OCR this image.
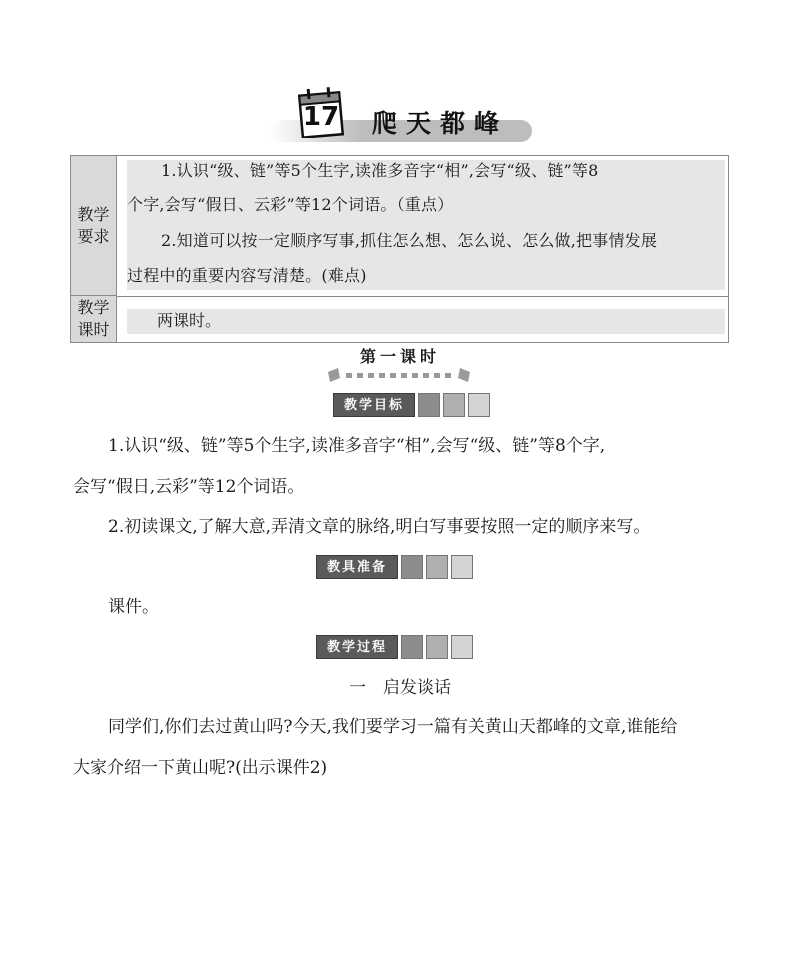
17 爬天都峰
教学要求
1.认识“级、链”等5个生字,读准多音字“相”,会写“级、链”等8
个字,会写“假日、云彩”等12个词语。（重点）
2.知道可以按一定顺序写事,抓住怎么想、怎么说、怎么做,把事情发展
过程中的重要内容写清楚。(难点)
教学课时	两课时。
第一课时
教学目标
1.认识“级、链”等5个生字,读准多音字“相”,会写“级、链”等8个字,
会写“假日,云彩”等12个词语。
2.初读课文,了解大意,弄清文章的脉络,明白写事要按照一定的顺序来写。
教具准备
课件。
教学过程
一　启发谈话
同学们,你们去过黄山吗?今天,我们要学习一篇有关黄山天都峰的文章,谁能给
大家介绍一下黄山呢?(出示课件2)
